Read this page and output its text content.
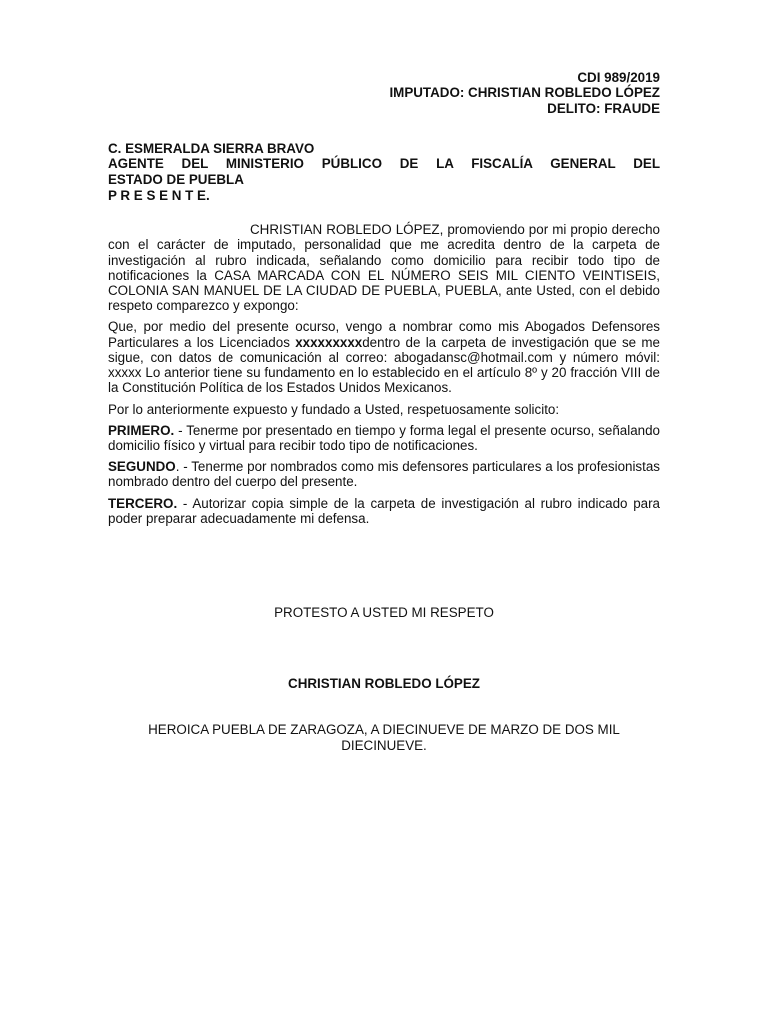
CDI 989/2019
IMPUTADO: CHRISTIAN ROBLEDO LÓPEZ
DELITO: FRAUDE
C. ESMERALDA SIERRA BRAVO
AGENTE DEL MINISTERIO PÚBLICO DE LA FISCALÍA GENERAL DEL
ESTADO DE PUEBLA
P R E S E N T E.

CHRISTIAN ROBLEDO LÓPEZ, promoviendo por mi propio derecho con el carácter de imputado, personalidad que me acredita dentro de la carpeta de investigación al rubro indicada, señalando como domicilio para recibir todo tipo de notificaciones la CASA MARCADA CON EL NÚMERO SEIS MIL CIENTO VEINTISEIS, COLONIA SAN MANUEL DE LA CIUDAD DE PUEBLA, PUEBLA, ante Usted, con el debido respeto comparezco y expongo:

Que, por medio del presente ocurso, vengo a nombrar como mis Abogados Defensores Particulares a los Licenciados xxxxxxxxxdentro de la carpeta de investigación que se me sigue, con datos de comunicación al correo: abogadansc@hotmail.com y número móvil: xxxxx Lo anterior tiene su fundamento en lo establecido en el artículo 8º y 20 fracción VIII de la Constitución Política de los Estados Unidos Mexicanos.

Por lo anteriormente expuesto y fundado a Usted, respetuosamente solicito:

PRIMERO. - Tenerme por presentado en tiempo y forma legal el presente ocurso, señalando domicilio físico y virtual para recibir todo tipo de notificaciones.

SEGUNDO. - Tenerme por nombrados como mis defensores particulares a los profesionistas nombrado dentro del cuerpo del presente.

TERCERO. - Autorizar copia simple de la carpeta de investigación al rubro indicado para poder preparar adecuadamente mi defensa.

PROTESTO A USTED MI RESPETO
CHRISTIAN ROBLEDO LÓPEZ
HEROICA PUEBLA DE ZARAGOZA, A DIECINUEVE DE MARZO DE DOS MIL
DIECINUEVE.
